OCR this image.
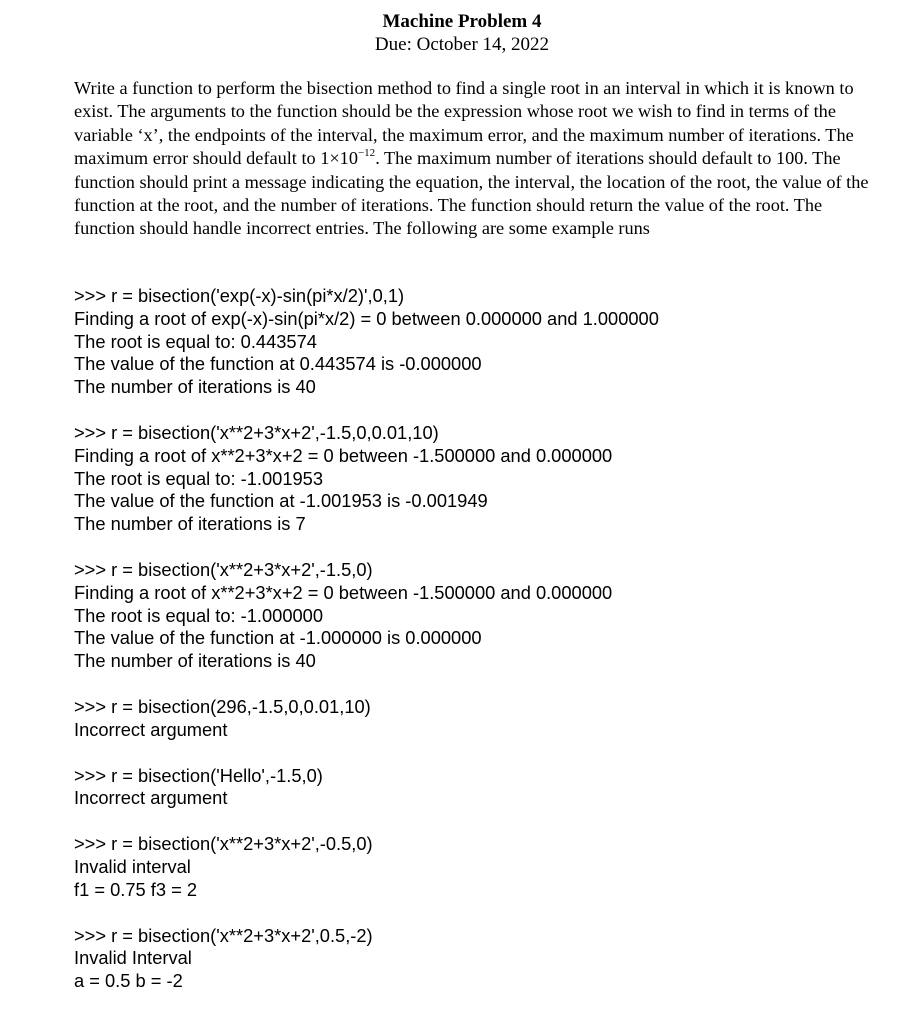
Machine Problem 4
Due: October 14, 2022
Write a function to perform the bisection method to find a single root in an interval in which it is known to exist. The arguments to the function should be the expression whose root we wish to find in terms of the variable ‘x’, the endpoints of the interval, the maximum error, and the maximum number of iterations. The maximum error should default to $1\times 10^{-12}$. The maximum number of iterations should default to 100. The function should print a message indicating the equation, the interval, the location of the root, the value of the function at the root, and the number of iterations. The function should return the value of the root. The function should handle incorrect entries. The following are some example runs
>>> r = bisection('exp(-x)-sin(pi*x/2)',0,1)
Finding a root of exp(-x)-sin(pi*x/2) = 0 between 0.000000 and 1.000000
The root is equal to: 0.443574
The value of the function at 0.443574 is -0.000000
The number of iterations is 40
>>> r = bisection('x**2+3*x+2',-1.5,0,0.01,10)
Finding a root of x**2+3*x+2 = 0 between -1.500000 and 0.000000
The root is equal to: -1.001953
The value of the function at -1.001953 is -0.001949
The number of iterations is 7
>>> r = bisection('x**2+3*x+2',-1.5,0)
Finding a root of x**2+3*x+2 = 0 between -1.500000 and 0.000000
The root is equal to: -1.000000
The value of the function at -1.000000 is 0.000000
The number of iterations is 40
>>> r = bisection(296,-1.5,0,0.01,10)
Incorrect argument
>>> r = bisection('Hello',-1.5,0)
Incorrect argument
>>> r = bisection('x**2+3*x+2',-0.5,0)
Invalid interval
f1 = 0.75 f3 = 2
>>> r = bisection('x**2+3*x+2',0.5,-2)
Invalid Interval
a = 0.5 b = -2
